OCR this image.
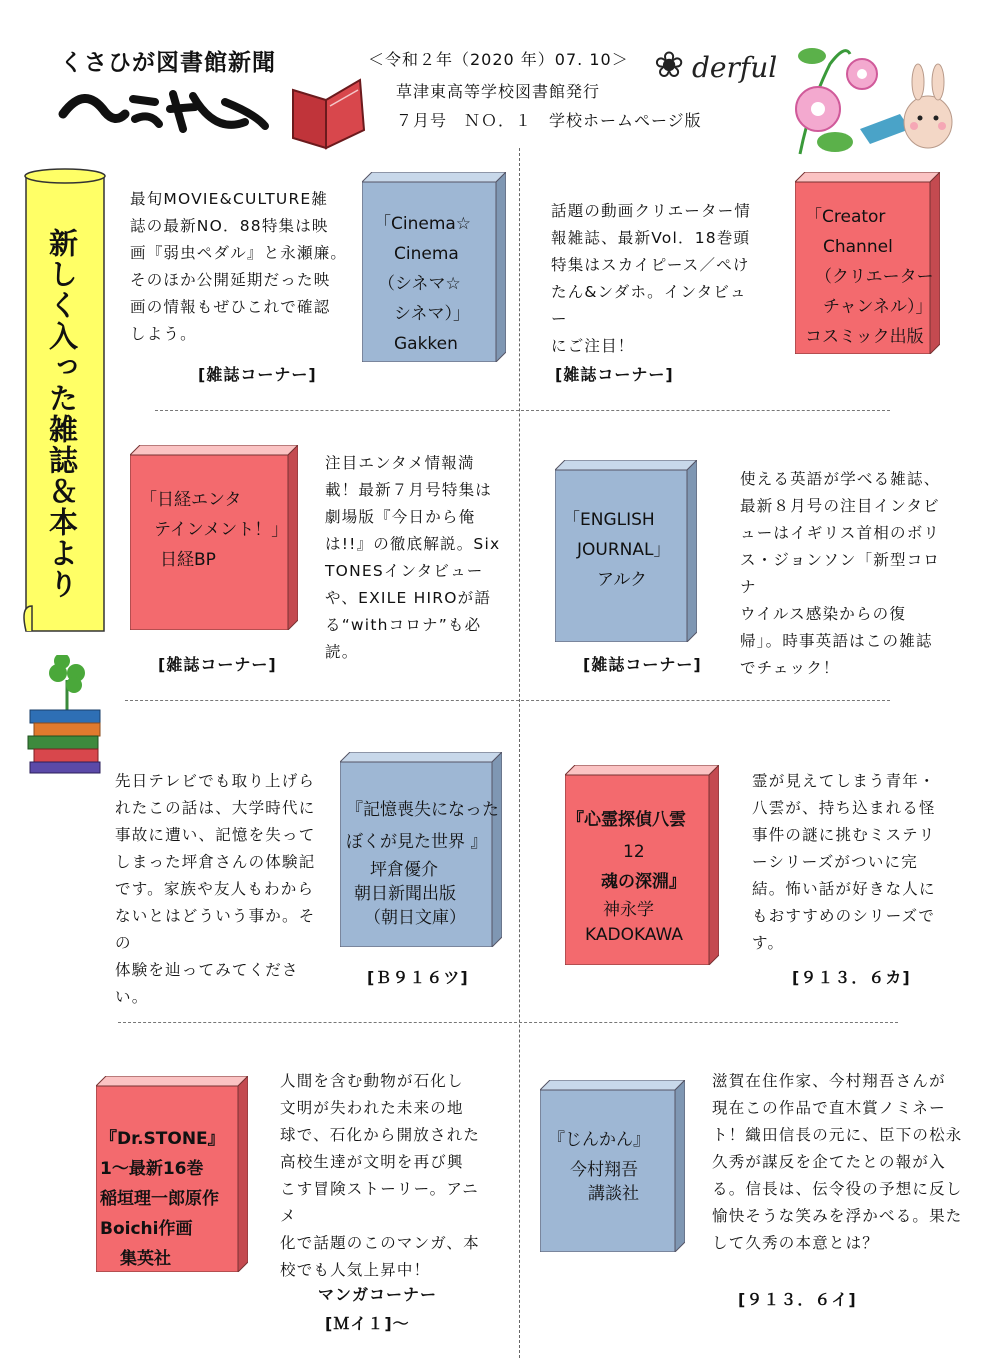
くさひが図書館新聞	＜令和２年（2020 年）07. 10＞
草津東高等学校図書館発行
７月号　ＮＯ．１　学校ホームページ版
❀ derful
新しく入った雑誌＆本より
最旬MOVIE&CULTURE雑
誌の最新NO．88特集は映
画『弱虫ペダル』と永瀬廉。
そのほか公開延期だった映
画の情報もぜひこれで確認
しよう。
「Cinema☆
Cinema
（シネマ☆
シネマ）」
Gakken
[雑誌コーナー]
話題の動画クリエーター情
報雑誌、最新Vol．18巻頭
特集はスカイピース／ぺけ
たん&ンダホ。インタビュー
にご注目！
「Creator
Channel
（クリエーター
チャンネル）」
コスミック出版
[雑誌コーナー]
「日経エンタ
テインメント！」
日経BP
注目エンタメ情報満
載！最新７月号特集は
劇場版『今日から俺
は!!』の徹底解説。Six
TONESインタビュー
や、EXILE HIROが語
る“withコロナ”も必読。
[雑誌コーナー]
「ENGLISH
JOURNAL」
アルク
使える英語が学べる雑誌、
最新８月号の注目インタビ
ューはイギリス首相のボリ
ス・ジョンソン「新型コロナ
ウイルス感染からの復
帰」。時事英語はこの雑誌
でチェック！
[雑誌コーナー]
先日テレビでも取り上げら
れたこの話は、大学時代に
事故に遭い、記憶を失って
しまった坪倉さんの体験記
です。家族や友人もわから
ないとはどういう事か。その
体験を辿ってみてください。
『記憶喪失になった
ぼくが見た世界 』
坪倉優介
朝日新聞出版
（朝日文庫）
[Ｂ９１６ツ]
『心霊探偵八雲
12
魂の深淵』
神永学
KADOKAWA
霊が見えてしまう青年・
八雲が、持ち込まれる怪
事件の謎に挑むミステリ
ーシリーズがついに完
結。怖い話が好きな人に
もおすすめのシリーズで
す。
[９１３．６カ]
『Dr.STONE』
1～最新16巻
稲垣理一郎原作
Boichi作画
集英社
人間を含む動物が石化し
文明が失われた未来の地
球で、石化から開放された
高校生達が文明を再び興
こす冒険ストーリー。アニメ
化で話題のこのマンガ、本
校でも人気上昇中！
マンガコーナー
[Ｍイ１]～
『じんかん』
今村翔吾
講談社
滋賀在住作家、今村翔吾さんが
現在この作品で直木賞ノミネー
ト！織田信長の元に、臣下の松永
久秀が謀反を企てたとの報が入
る。信長は、伝令役の予想に反し
愉快そうな笑みを浮かべる。果た
して久秀の本意とは？
[９１３．６イ]
